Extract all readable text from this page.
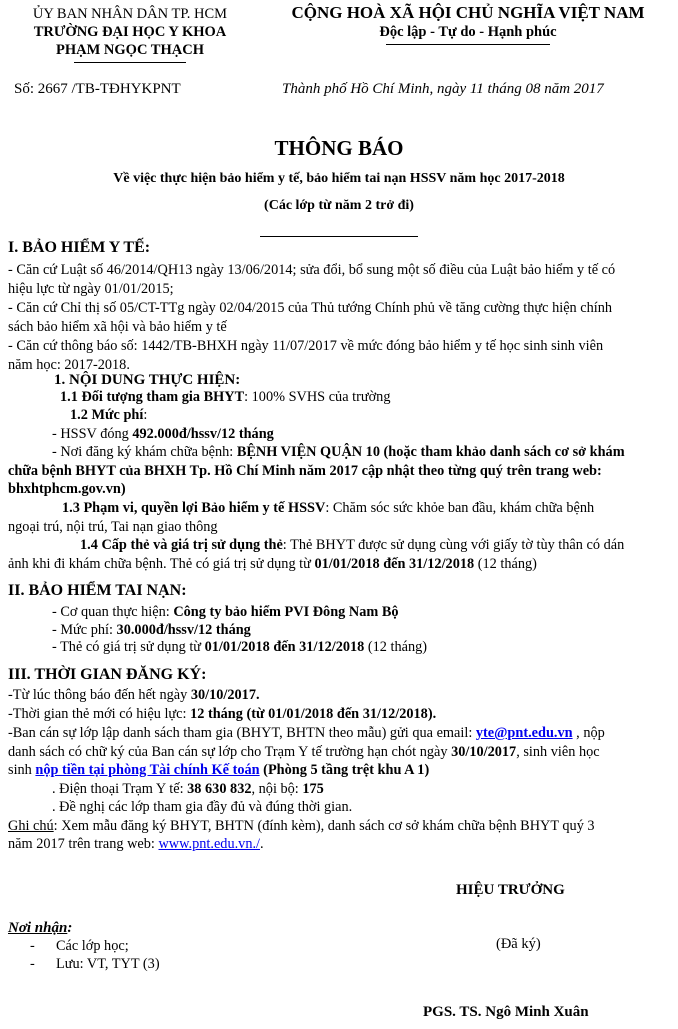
ỦY BAN NHÂN DÂN TP. HCM
TRƯỜNG ĐẠI HỌC Y KHOA
PHẠM NGỌC THẠCH
CỘNG HOÀ XÃ HỘI CHỦ NGHĨA VIỆT NAM
Độc lập - Tự do - Hạnh phúc
Số: 2667 /TB-TĐHYKPNT	Thành phố Hồ Chí Minh, ngày 11 tháng 08 năm 2017
THÔNG BÁO
Về việc thực hiện bảo hiểm y tế, bảo hiểm tai nạn HSSV năm học 2017-2018
(Các lớp từ năm 2 trở đi)
I. BẢO HIỂM Y TẾ:
- Căn cứ Luật số 46/2014/QH13 ngày 13/06/2014; sửa đổi, bổ sung một số điều của Luật bảo hiểm y tế có
hiệu lực từ ngày 01/01/2015;
- Căn cứ Chỉ thị số 05/CT-TTg ngày 02/04/2015 của Thủ tướng Chính phủ về tăng cường thực hiện chính
sách bảo hiểm xã hội và bảo hiểm y tế
- Căn cứ thông báo số: 1442/TB-BHXH ngày 11/07/2017 về mức đóng bảo hiểm y tế học sinh sinh viên
năm học: 2017-2018.
1. NỘI DUNG THỰC HIỆN:
1.1 Đối tượng tham gia BHYT: 100% SVHS của trường
1.2 Mức phí:
- HSSV đóng 492.000đ/hssv/12 tháng
- Nơi đăng ký khám chữa bệnh: BỆNH VIỆN QUẬN 10 (hoặc tham khảo danh sách cơ sở khám
chữa bệnh BHYT của BHXH Tp. Hồ Chí Minh năm 2017 cập nhật theo từng quý trên trang web:
bhxhtphcm.gov.vn)
1.3 Phạm vi, quyền lợi Bảo hiểm y tế HSSV: Chăm sóc sức khỏe ban đầu, khám chữa bệnh
ngoại trú, nội trú, Tai nạn giao thông
1.4 Cấp thẻ và giá trị sử dụng thẻ: Thẻ BHYT được sử dụng cùng với giấy tờ tùy thân có dán
ảnh khi đi khám chữa bệnh. Thẻ có giá trị sử dụng từ 01/01/2018 đến 31/12/2018 (12 tháng)
II. BẢO HIỂM TAI NẠN:
- Cơ quan thực hiện: Công ty bảo hiểm PVI Đông Nam Bộ
- Mức phí: 30.000đ/hssv/12 tháng
- Thẻ có giá trị sử dụng từ 01/01/2018 đến 31/12/2018 (12 tháng)
III. THỜI GIAN ĐĂNG KÝ:
-Từ lúc thông báo đến hết ngày 30/10/2017.
-Thời gian thẻ mới có hiệu lực: 12 tháng (từ 01/01/2018 đến 31/12/2018).
-Ban cán sự lớp lập danh sách tham gia (BHYT, BHTN theo mẫu) gửi qua email: yte@pnt.edu.vn , nộp
danh sách có chữ ký của Ban cán sự lớp cho Trạm Y tế trường hạn chót ngày 30/10/2017, sinh viên học
sinh nộp tiền tại phòng Tài chính Kế toán (Phòng 5 tầng trệt khu A 1)
. Điện thoại Trạm Y tế: 38 630 832, nội bộ: 175
. Đề nghị các lớp tham gia đầy đủ và đúng thời gian.
Ghi chú: Xem mẫu đăng ký BHYT, BHTN (đính kèm), danh sách cơ sở khám chữa bệnh BHYT quý 3
năm 2017 trên trang web: www.pnt.edu.vn./.
HIỆU TRƯỞNG
Nơi nhận:
- Các lớp học;
- Lưu: VT, TYT (3)
(Đã ký)
PGS. TS. Ngô Minh Xuân
